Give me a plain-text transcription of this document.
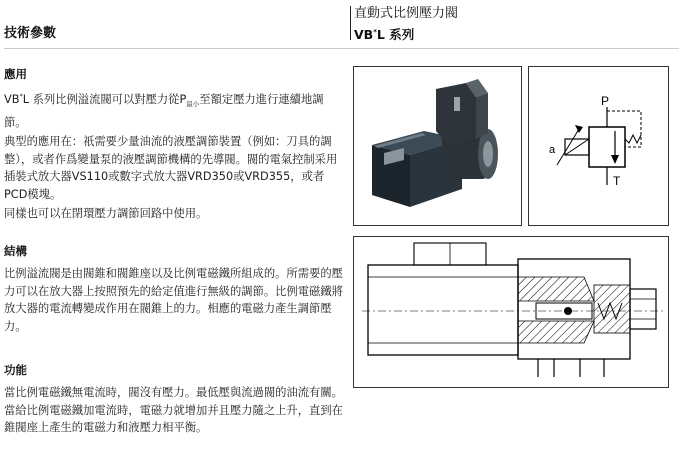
技術參數
直動式比例壓力閥
VB*L 系列
應用

VB*L 系列比例溢流閥可以對壓力從$P_{最小}$至額定壓力進行連續地調節。

典型的應用在：祇需要少量油流的液壓調節裝置（例如：刀具的調整），或者作爲變量泵的液壓調節機構的先導閥。閥的電氣控制采用插裝式放大器VS110或數字式放大器VRD350或VRD355，或者PCD模塊。

同樣也可以在閉環壓力調節回路中使用。

結構

比例溢流閥是由閥錐和閥錐座以及比例電磁鐵所組成的。所需要的壓力可以在放大器上按照預先的給定值進行無級的調節。比例電磁鐵將放大器的電流轉變成作用在閥錐上的力。相應的電磁力產生調節壓力。

功能

當比例電磁鐵無電流時，閥沒有壓力。最低壓與流過閥的油流有關。當給比例電磁鐵加電流時，電磁力就增加并且壓力隨之上升，直到在錐閥座上產生的電磁力和液壓力相平衡。

P
T
a
